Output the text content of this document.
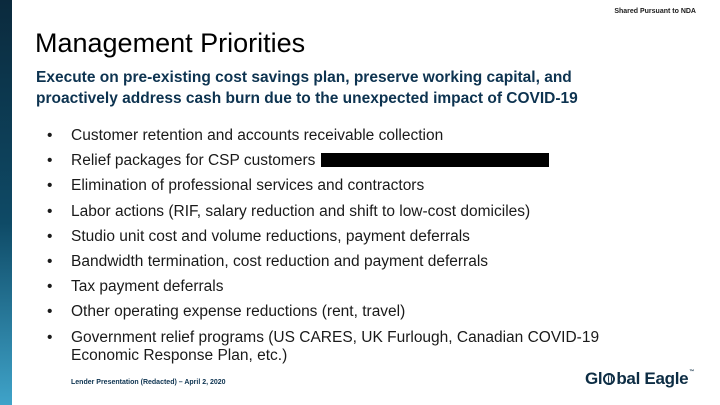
Shared Pursuant to NDA
Management Priorities
Execute on pre-existing cost savings plan, preserve working capital, and proactively address cash burn due to the unexpected impact of COVID-19
• Customer retention and accounts receivable collection
• Relief packages for CSP customers
• Elimination of professional services and contractors
• Labor actions (RIF, salary reduction and shift to low-cost domiciles)
• Studio unit cost and volume reductions, payment deferrals
• Bandwidth termination, cost reduction and payment deferrals
• Tax payment deferrals
• Other operating expense reductions (rent, travel)
• Government relief programs (US CARES, UK Furlough, Canadian COVID-19 Economic Response Plan, etc.)
Lender Presentation (Redacted) – April 2, 2020	Gl bal Eagle™
